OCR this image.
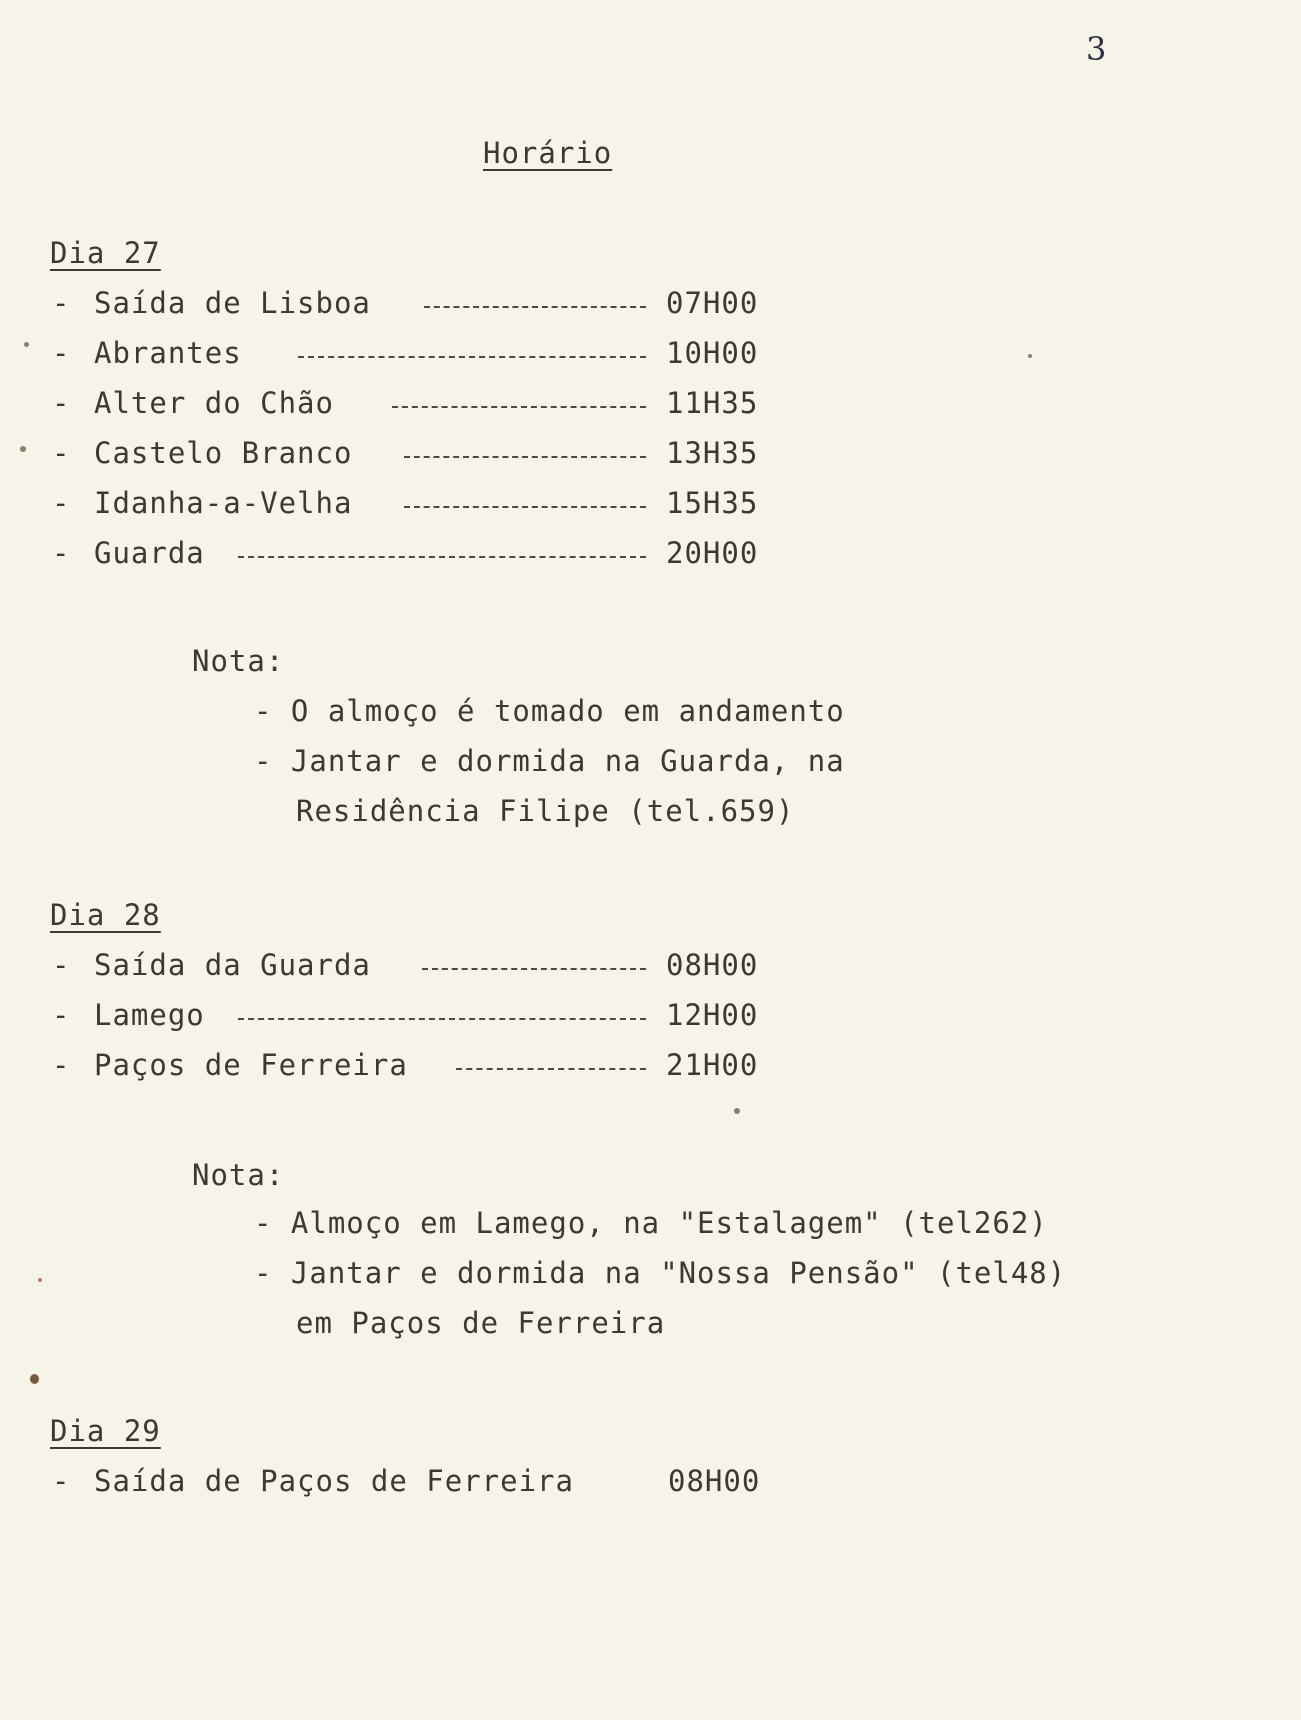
3
Horário
Dia 27
- Saída de Lisboa	07H00
- Abrantes	10H00
- Alter do Chão	11H35
- Castelo Branco	13H35
- Idanha-a-Velha	15H35
- Guarda	20H00
Nota:
- O almoço é tomado em andamento
- Jantar e dormida na Guarda, na
Residência Filipe (tel.659)
Dia 28
- Saída da Guarda	08H00
- Lamego	12H00
- Paços de Ferreira	21H00
Nota:
- Almoço em Lamego, na "Estalagem" (tel262)
- Jantar e dormida na "Nossa Pensão" (tel48)
em Paços de Ferreira
Dia 29
- Saída de Paços de Ferreira	08H00
